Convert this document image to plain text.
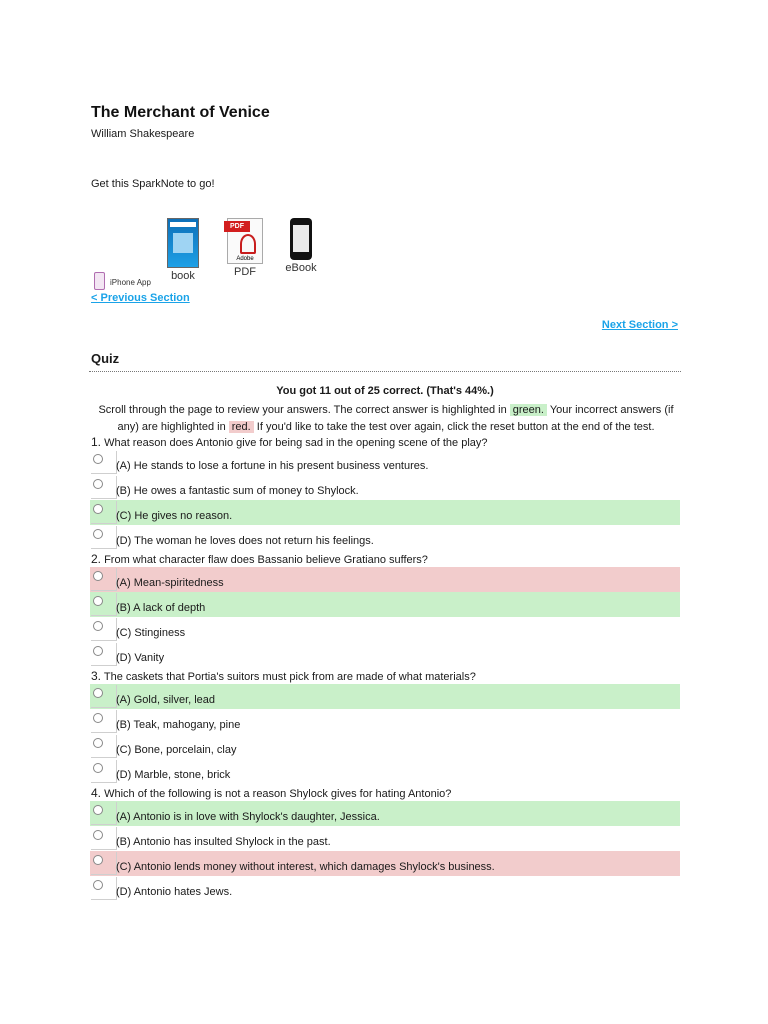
The Merchant of Venice
William Shakespeare
Get this SparkNote to go!
iPhone App
book
PDF
Adobe
PDF	eBook
< Previous Section
Next Section >
Quiz
You got 11 out of 25 correct. (That's 44%.)
Scroll through the page to review your answers. The correct answer is highlighted in green. Your incorrect answers (if any) are highlighted in red. If you'd like to take the test over again, click the reset button at the end of the test.
1. What reason does Antonio give for being sad in the opening scene of the play?
(A) He stands to lose a fortune in his present business ventures.
(B) He owes a fantastic sum of money to Shylock.
(C) He gives no reason.
(D) The woman he loves does not return his feelings.
2. From what character flaw does Bassanio believe Gratiano suffers?
(A) Mean-spiritedness
(B) A lack of depth
(C) Stinginess
(D) Vanity
3. The caskets that Portia's suitors must pick from are made of what materials?
(A) Gold, silver, lead
(B) Teak, mahogany, pine
(C) Bone, porcelain, clay
(D) Marble, stone, brick
4. Which of the following is not a reason Shylock gives for hating Antonio?
(A) Antonio is in love with Shylock's daughter, Jessica.
(B) Antonio has insulted Shylock in the past.
(C) Antonio lends money without interest, which damages Shylock's business.
(D) Antonio hates Jews.
